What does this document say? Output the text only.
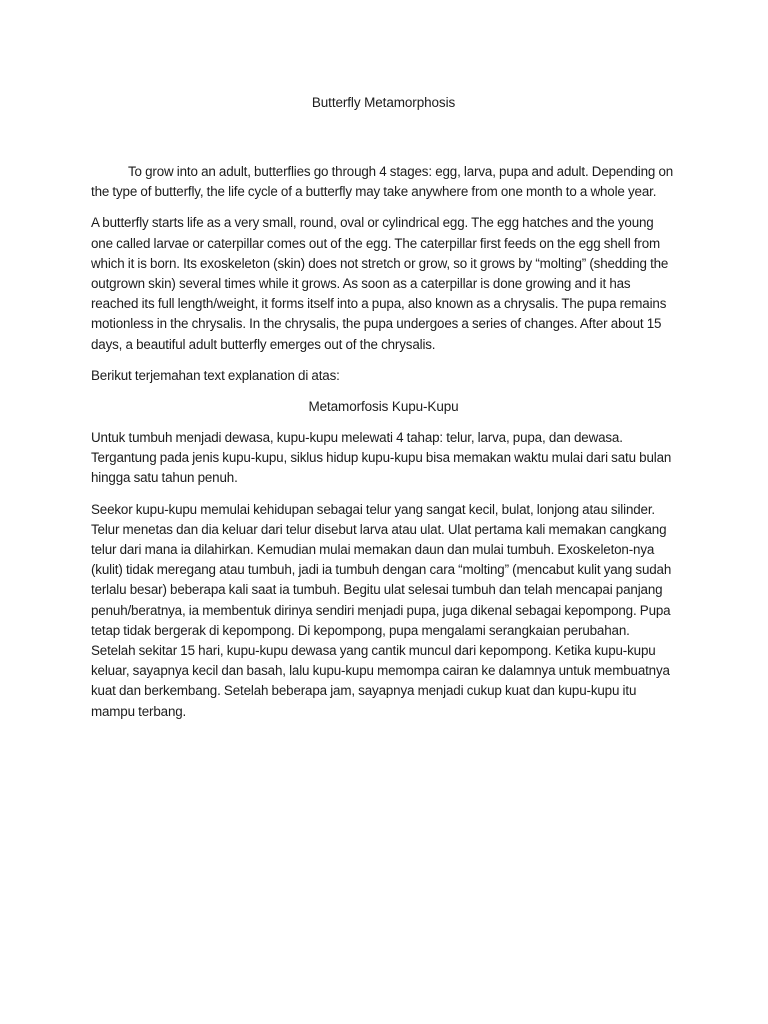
Butterfly Metamorphosis

To grow into an adult, butterflies go through 4 stages: egg, larva, pupa and adult. Depending on the type of butterfly, the life cycle of a butterfly may take anywhere from one month to a whole year.

A butterfly starts life as a very small, round, oval or cylindrical egg. The egg hatches and the young one called larvae or caterpillar comes out of the egg. The caterpillar first feeds on the egg shell from which it is born. Its exoskeleton (skin) does not stretch or grow, so it grows by “molting” (shedding the outgrown skin) several times while it grows. As soon as a caterpillar is done growing and it has reached its full length/weight, it forms itself into a pupa, also known as a chrysalis. The pupa remains motionless in the chrysalis. In the chrysalis, the pupa undergoes a series of changes. After about 15 days, a beautiful adult butterfly emerges out of the chrysalis.

Berikut terjemahan text explanation di atas:

Metamorfosis Kupu-Kupu

Untuk tumbuh menjadi dewasa, kupu-kupu melewati 4 tahap: telur, larva, pupa, dan dewasa. Tergantung pada jenis kupu-kupu, siklus hidup kupu-kupu bisa memakan waktu mulai dari satu bulan hingga satu tahun penuh.

Seekor kupu-kupu memulai kehidupan sebagai telur yang sangat kecil, bulat, lonjong atau silinder. Telur menetas dan dia keluar dari telur disebut larva atau ulat. Ulat pertama kali memakan cangkang telur dari mana ia dilahirkan. Kemudian mulai memakan daun dan mulai tumbuh. Exoskeleton-nya (kulit) tidak meregang atau tumbuh, jadi ia tumbuh dengan cara “molting” (mencabut kulit yang sudah terlalu besar) beberapa kali saat ia tumbuh. Begitu ulat selesai tumbuh dan telah mencapai panjang penuh/beratnya, ia membentuk dirinya sendiri menjadi pupa, juga dikenal sebagai kepompong. Pupa tetap tidak bergerak di kepompong. Di kepompong, pupa mengalami serangkaian perubahan. Setelah sekitar 15 hari, kupu-kupu dewasa yang cantik muncul dari kepompong. Ketika kupu-kupu keluar, sayapnya kecil dan basah, lalu kupu-kupu memompa cairan ke dalamnya untuk membuatnya kuat dan berkembang. Setelah beberapa jam, sayapnya menjadi cukup kuat dan kupu-kupu itu mampu terbang.
